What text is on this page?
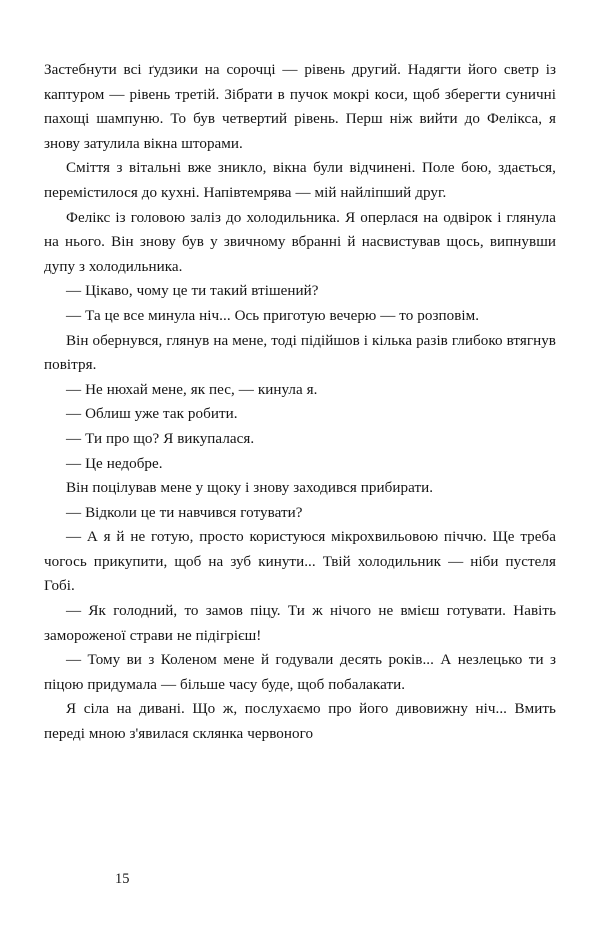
Застебнути всі ґудзики на сорочці — рівень другий. Надягти його светр із каптуром — рівень третій. Зібрати в пучок мокрі коси, щоб зберегти суничні пахощі шампуню. То був четвертий рівень. Перш ніж вийти до Фелікса, я знову затулила вікна шторами.

Сміття з вітальні вже зникло, вікна були відчинені. Поле бою, здається, перемістилося до кухні. Напівтемрява — мій найліпший друг.

Фелікс із головою заліз до холодильника. Я оперлася на одвірок і глянула на нього. Він знову був у звичному вбранні й насвистував щось, випнувши дупу з холодильника.

— Цікаво, чому це ти такий втішений?

— Та це все минула ніч... Ось приготую вечерю — то розповім.

Він обернувся, глянув на мене, тоді підійшов і кілька разів глибоко втягнув повітря.

— Не нюхай мене, як пес, — кинула я.

— Облиш уже так робити.

— Ти про що? Я викупалася.

— Це недобре.

Він поцілував мене у щоку і знову заходився прибирати.

— Відколи це ти навчився готувати?

— А я й не готую, просто користуюся мікрохвильовою піччю. Ще треба чогось прикупити, щоб на зуб кинути... Твій холодильник — ніби пустеля Гобі.

— Як голодний, то замов піцу. Ти ж нічого не вмієш готувати. Навіть замороженої страви не підігрієш!

— Тому ви з Коленом мене й годували десять років... А незлецько ти з піцою придумала — більше часу буде, щоб побалакати.

Я сіла на дивані. Що ж, послухаємо про його дивовижну ніч... Вмить переді мною з'явилася склянка червоного

15
